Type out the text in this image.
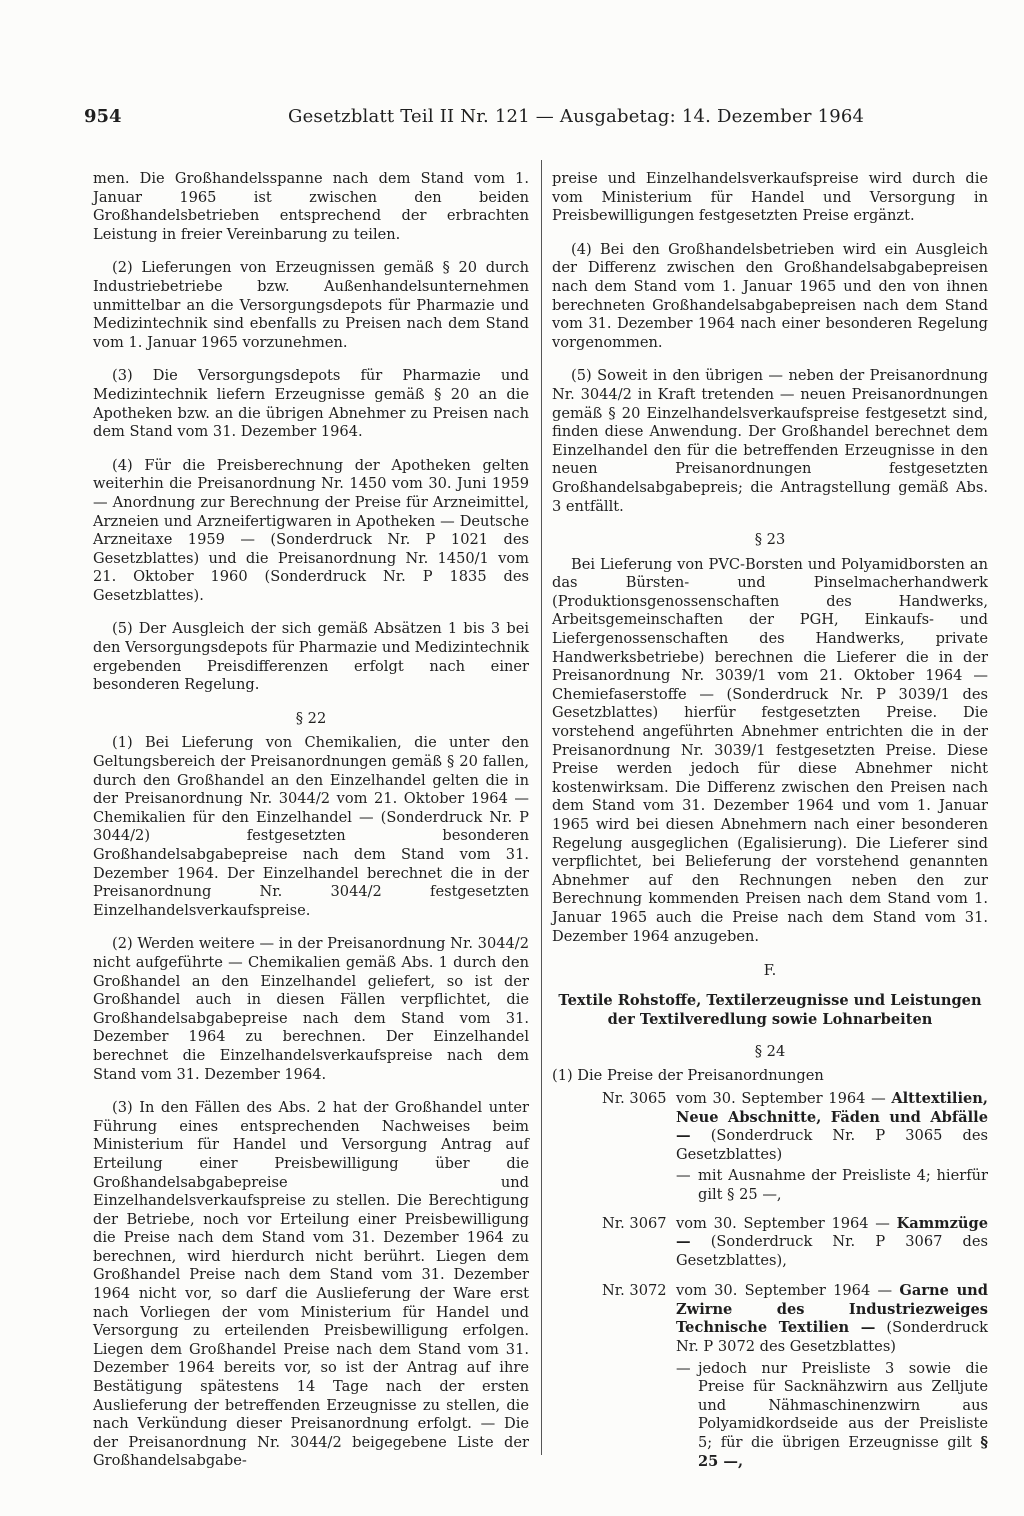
954	Gesetzblatt Teil II Nr. 121 — Ausgabetag: 14. Dezember 1964

men. Die Großhandelsspanne nach dem Stand vom 1. Januar 1965 ist zwischen den beiden Großhandelsbetrieben entsprechend der erbrachten Leistung in freier Vereinbarung zu teilen.

(2) Lieferungen von Erzeugnissen gemäß § 20 durch Industriebetriebe bzw. Außenhandelsunternehmen unmittelbar an die Versorgungsdepots für Pharmazie und Medizintechnik sind ebenfalls zu Preisen nach dem Stand vom 1. Januar 1965 vorzunehmen.

(3) Die Versorgungsdepots für Pharmazie und Medizintechnik liefern Erzeugnisse gemäß § 20 an die Apotheken bzw. an die übrigen Abnehmer zu Preisen nach dem Stand vom 31. Dezember 1964.

(4) Für die Preisberechnung der Apotheken gelten weiterhin die Preisanordnung Nr. 1450 vom 30. Juni 1959 — Anordnung zur Berechnung der Preise für Arzneimittel, Arzneien und Arzneifertigwaren in Apotheken — Deutsche Arzneitaxe 1959 — (Sonderdruck Nr. P 1021 des Gesetzblattes) und die Preisanordnung Nr. 1450/1 vom 21. Oktober 1960 (Sonderdruck Nr. P 1835 des Gesetzblattes).

(5) Der Ausgleich der sich gemäß Absätzen 1 bis 3 bei den Versorgungsdepots für Pharmazie und Medizintechnik ergebenden Preisdifferenzen erfolgt nach einer besonderen Regelung.

§ 22

(1) Bei Lieferung von Chemikalien, die unter den Geltungsbereich der Preisanordnungen gemäß § 20 fallen, durch den Großhandel an den Einzelhandel gelten die in der Preisanordnung Nr. 3044/2 vom 21. Oktober 1964 — Chemikalien für den Einzelhandel — (Sonderdruck Nr. P 3044/2) festgesetzten besonderen Großhandelsabgabepreise nach dem Stand vom 31. Dezember 1964. Der Einzelhandel berechnet die in der Preisanordnung Nr. 3044/2 festgesetzten Einzelhandelsverkaufspreise.

(2) Werden weitere — in der Preisanordnung Nr. 3044/2 nicht aufgeführte — Chemikalien gemäß Abs. 1 durch den Großhandel an den Einzelhandel geliefert, so ist der Großhandel auch in diesen Fällen verpflichtet, die Großhandelsabgabepreise nach dem Stand vom 31. Dezember 1964 zu berechnen. Der Einzelhandel berechnet die Einzelhandelsverkaufspreise nach dem Stand vom 31. Dezember 1964.

(3) In den Fällen des Abs. 2 hat der Großhandel unter Führung eines entsprechenden Nachweises beim Ministerium für Handel und Versorgung Antrag auf Erteilung einer Preisbewilligung über die Großhandelsabgabepreise und Einzelhandelsverkaufspreise zu stellen. Die Berechtigung der Betriebe, noch vor Erteilung einer Preisbewilligung die Preise nach dem Stand vom 31. Dezember 1964 zu berechnen, wird hierdurch nicht berührt. Liegen dem Großhandel Preise nach dem Stand vom 31. Dezember 1964 nicht vor, so darf die Auslieferung der Ware erst nach Vorliegen der vom Ministerium für Handel und Versorgung zu erteilenden Preisbewilligung erfolgen. Liegen dem Großhandel Preise nach dem Stand vom 31. Dezember 1964 bereits vor, so ist der Antrag auf ihre Bestätigung spätestens 14 Tage nach der ersten Auslieferung der betreffenden Erzeugnisse zu stellen, die nach Verkündung dieser Preisanordnung erfolgt. — Die der Preisanordnung Nr. 3044/2 beigegebene Liste der Großhandelsabgabe-

preise und Einzelhandelsverkaufspreise wird durch die vom Ministerium für Handel und Versorgung in Preisbewilligungen festgesetzten Preise ergänzt.

(4) Bei den Großhandelsbetrieben wird ein Ausgleich der Differenz zwischen den Großhandelsabgabepreisen nach dem Stand vom 1. Januar 1965 und den von ihnen berechneten Großhandelsabgabepreisen nach dem Stand vom 31. Dezember 1964 nach einer besonderen Regelung vorgenommen.

(5) Soweit in den übrigen — neben der Preisanordnung Nr. 3044/2 in Kraft tretenden — neuen Preisanordnungen gemäß § 20 Einzelhandelsverkaufspreise festgesetzt sind, finden diese Anwendung. Der Großhandel berechnet dem Einzelhandel den für die betreffenden Erzeugnisse in den neuen Preisanordnungen festgesetzten Großhandelsabgabepreis; die Antragstellung gemäß Abs. 3 entfällt.

§ 23

Bei Lieferung von PVC-Borsten und Polyamidborsten an das Bürsten- und Pinselmacherhandwerk (Produktionsgenossenschaften des Handwerks, Arbeitsgemeinschaften der PGH, Einkaufs- und Liefergenossenschaften des Handwerks, private Handwerksbetriebe) berechnen die Lieferer die in der Preisanordnung Nr. 3039/1 vom 21. Oktober 1964 — Chemiefaserstoffe — (Sonderdruck Nr. P 3039/1 des Gesetzblattes) hierfür festgesetzten Preise. Die vorstehend angeführten Abnehmer entrichten die in der Preisanordnung Nr. 3039/1 festgesetzten Preise. Diese Preise werden jedoch für diese Abnehmer nicht kostenwirksam. Die Differenz zwischen den Preisen nach dem Stand vom 31. Dezember 1964 und vom 1. Januar 1965 wird bei diesen Abnehmern nach einer besonderen Regelung ausgeglichen (Egalisierung). Die Lieferer sind verpflichtet, bei Belieferung der vorstehend genannten Abnehmer auf den Rechnungen neben den zur Berechnung kommenden Preisen nach dem Stand vom 1. Januar 1965 auch die Preise nach dem Stand vom 31. Dezember 1964 anzugeben.

F.
Textile Rohstoffe, Textilerzeugnisse und Leistungen
der Textilveredlung sowie Lohnarbeiten
§ 24
(1) Die Preise der Preisanordnungen
Nr. 3065 vom 30. September 1964 — Alttextilien, Neue Abschnitte, Fäden und Abfälle — (Sonderdruck Nr. P 3065 des Gesetzblattes)
— mit Ausnahme der Preisliste 4; hierfür gilt § 25 —,
Nr. 3067 vom 30. September 1964 — Kammzüge — (Sonderdruck Nr. P 3067 des Gesetzblattes),
Nr. 3072 vom 30. September 1964 — Garne und Zwirne des Industriezweiges Technische Textilien — (Sonderdruck Nr. P 3072 des Gesetzblattes)
— jedoch nur Preisliste 3 sowie die Preise für Sacknähzwirn aus Zelljute und Nähmaschinenzwirn aus Polyamidkordseide aus der Preisliste 5; für die übrigen Erzeugnisse gilt § 25 —,
